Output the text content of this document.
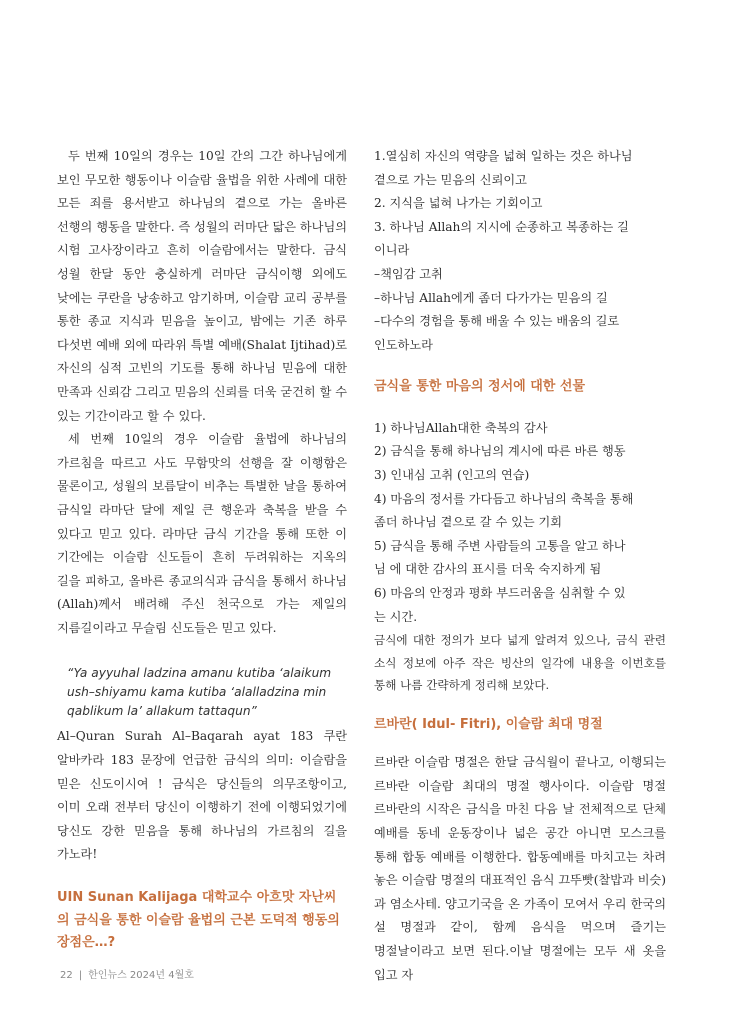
두 번째 10일의 경우는 10일 간의 그간 하나님에게 보인 무모한 행동이나 이슬람 율법을 위한 사례에 대한 모든 죄를 용서받고 하나님의 곁으로 가는 올바른 선행의 행동을 말한다. 즉 성월의 러마단 닯은 하나님의 시험 고사장이라고 흔히 이슬람에서는 말한다. 금식 성월 한달 동안 충실하게 러마단 금식이행 외에도 낮에는 쿠란을 낭송하고 암기하며, 이슬람 교리 공부를 통한 종교 지식과 믿음을 높이고, 밤에는 기존 하루 다섯번 예배 외에 따라위 특별 예배(Shalat Ijtihad)로 자신의 심적 고빈의 기도를 통해 하나님 믿음에 대한 만족과 신뢰감 그리고 믿음의 신뢰를 더욱 굳건히 할 수 있는 기간이라고 할 수 있다.

세 번째 10일의 경우 이슬람 율법에 하나님의 가르침을 따르고 사도 무함맛의 선행을 잘 이행함은 물론이고, 성월의 보름달이 비추는 특별한 날을 통하여 금식일 라마단 달에 제일 큰 행운과 축복을 받을 수 있다고 믿고 있다. 라마단 금식 기간을 통해 또한 이 기간에는 이슬람 신도들이 흔히 두려워하는 지옥의 길을 피하고, 올바른 종교의식과 금식을 통해서 하나님(Allah)께서 배려해 주신 천국으로 가는 제일의 지름길이라고 무슬림 신도들은 믿고 있다.

“Ya ayyuhal ladzina amanu kutiba ‘alaikum ush–shiyamu kama kutiba ‘alalladzina min qablikum la’ allakum tattaqun”

Al–Quran Surah Al–Baqarah ayat 183 쿠란 알바카라 183 문장에 언급한 금식의 의미: 이슬람을 믿은 신도이시여 ! 금식은 당신들의 의무조항이고, 이미 오래 전부터 당신이 이행하기 전에 이행되었기에 당신도 강한 믿음을 통해 하나님의 가르침의 길을 가노라!

UIN Sunan Kalijaga 대학교수 아흐맛 자난씨의 금식을 통한 이슬람 율법의 근본 도덕적 행동의 장점은…?

1.열심히 자신의 역량을 넓혀 일하는 것은 하나님

곁으로 가는 믿음의 신뢰이고

2. 지식을 넓혀 나가는 기회이고

3. 하나님 Allah의 지시에 순종하고 복종하는 길

이니라

–책임감 고취

–하나님 Allah에게 좀더 다가가는 믿음의 길

–다수의 경험을 통해 배울 수 있는 배움의 길로

인도하노라

금식을 통한 마음의 정서에 대한 선물

1) 하나님Allah대한 축복의 감사

2) 금식을 통해 하나님의 계시에 따른 바른 행동

3) 인내심 고취 (인고의 연습)

4) 마음의 정서를 가다듬고 하나님의 축복을 통해

좀더 하나님 곁으로 갈 수 있는 기회

5) 금식을 통해 주변 사람들의 고통을 알고 하나

님 에 대한 감사의 표시를 더욱 숙지하게 됨

6) 마음의 안정과 평화 부드러움을 심취할 수 있

는 시간.

금식에 대한 정의가 보다 넓게 알려져 있으나, 금식 관련 소식 정보에 아주 작은 빙산의 일각에 내용을 이번호를 통해 나름 간략하게 정리해 보았다.

르바란( Idul- Fitri), 이슬람 최대 명절

르바란 이슬람 명절은 한달 금식월이 끝나고, 이행되는 르바란 이슬람 최대의 명절 행사이다. 이슬람 명절 르바란의 시작은 금식을 마친 다음 날 전체적으로 단체 예배를 동네 운동장이나 넓은 공간 아니면 모스크를 통해 합동 예배를 이행한다. 합동예배를 마치고는 차려 놓은 이슬람 명절의 대표적인 음식 끄뚜빳(찰밥과 비슷)과 염소사테. 양고기국을 온 가족이 모여서 우리 한국의 설 명절과 같이, 함께 음식을 먹으며 즐기는 명절날이라고 보면 된다.이날 명절에는 모두 새 옷을 입고 자

22 | 한인뉴스 2024년 4월호
